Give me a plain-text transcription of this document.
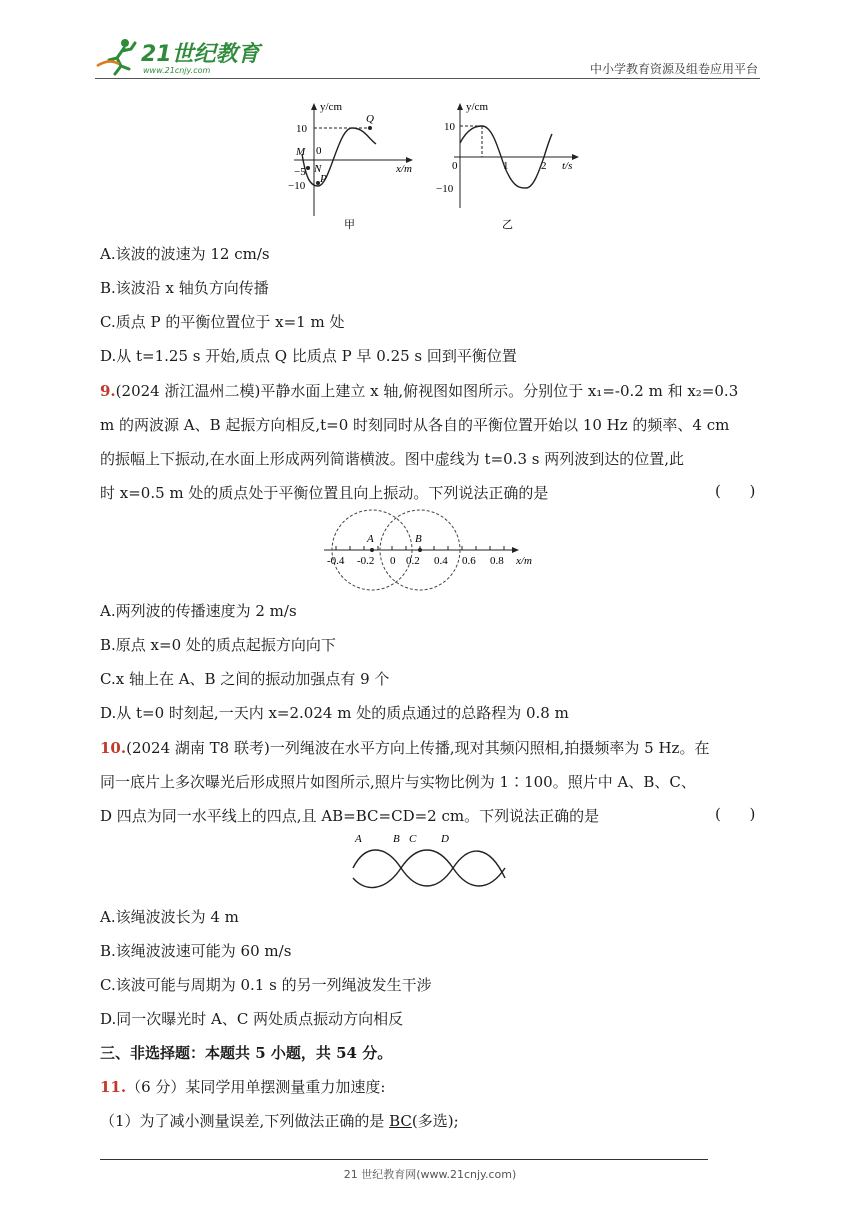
21世纪教育
www.21cnjy.com	中小学教育资源及组卷应用平台
y/cm
x/m
10
−10
−5
0
M
N
P
Q
甲
y/cm
t/s
10
−10
0	1	2
乙
A.该波的波速为 12 cm/s
B.该波沿 x 轴负方向传播
C.质点 P 的平衡位置位于 x=1 m 处
D.从 t=1.25 s 开始,质点 Q 比质点 P 早 0.25 s 回到平衡位置
9.(2024 浙江温州二模)平静水面上建立 x 轴,俯视图如图所示。分别位于 x₁=-0.2 m 和 x₂=0.3
m 的两波源 A、B 起振方向相反,t=0 时刻同时从各自的平衡位置开始以 10 Hz 的频率、4 cm
的振幅上下振动,在水面上形成两列简谐横波。图中虚线为 t=0.3 s 两列波到达的位置,此
时 x=0.5 m 处的质点处于平衡位置且向上振动。下列说法正确的是	(      )
A	B
-0.4 -0.2 0 0.2 0.4 0.6 0.8 x/m
A.两列波的传播速度为 2 m/s
B.原点 x=0 处的质点起振方向向下
C.x 轴上在 A、B 之间的振动加强点有 9 个
D.从 t=0 时刻起,一天内 x=2.024 m 处的质点通过的总路程为 0.8 m
10.(2024 湖南 T8 联考)一列绳波在水平方向上传播,现对其频闪照相,拍摄频率为 5 Hz。在
同一底片上多次曝光后形成照片如图所示,照片与实物比例为 1∶100。照片中 A、B、C、
D 四点为同一水平线上的四点,且 AB=BC=CD=2 cm。下列说法正确的是	(      )
A	B C D
A.该绳波波长为 4 m
B.该绳波波速可能为 60 m/s
C.该波可能与周期为 0.1 s 的另一列绳波发生干涉
D.同一次曝光时 A、C 两处质点振动方向相反
三、非选择题：本题共 5 小题，共 54 分。
11.（6 分）某同学用单摆测量重力加速度:
（1）为了减小测量误差,下列做法正确的是 BC(多选);
21 世纪教育网(www.21cnjy.com)
